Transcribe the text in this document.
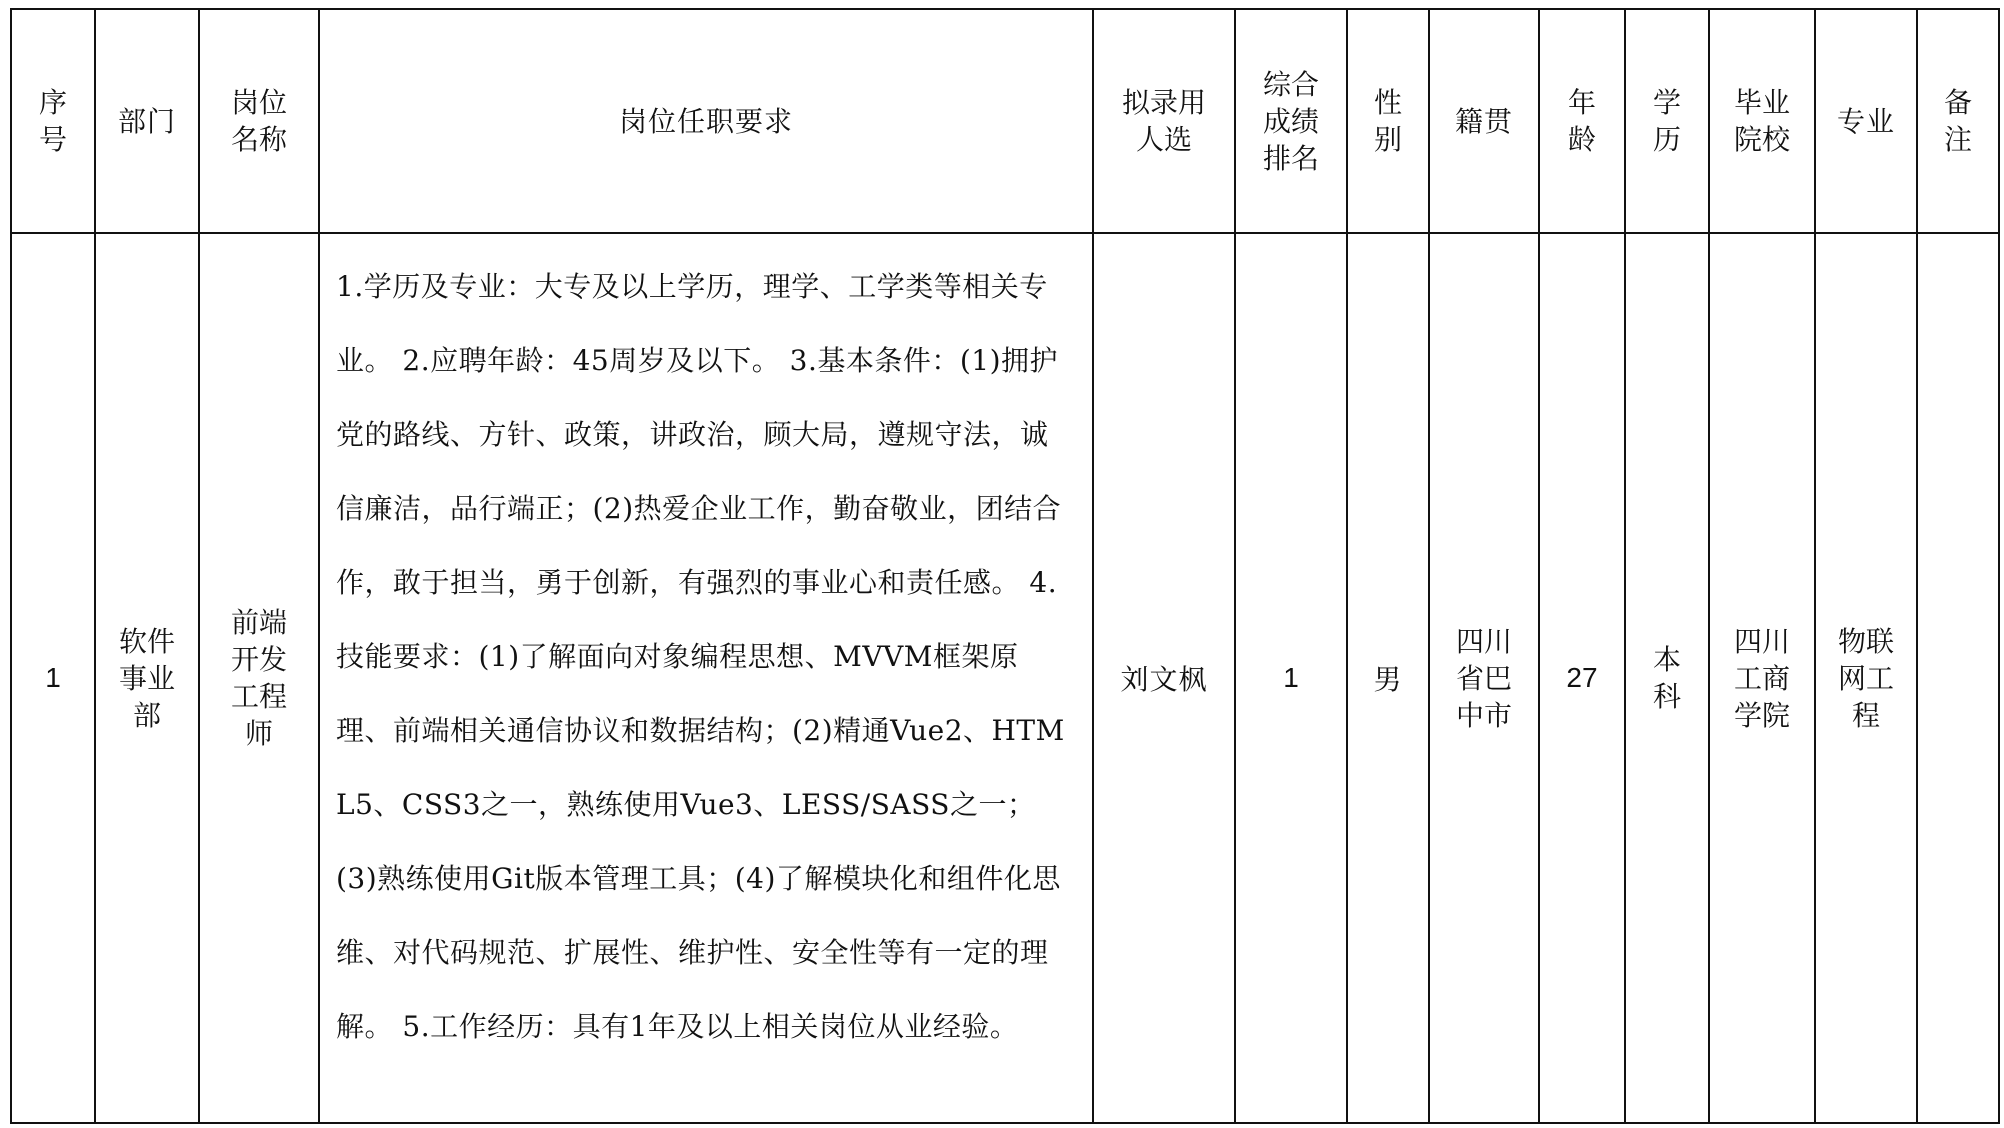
序号	部门	岗位名称	岗位任职要求	拟录用人选	综合成绩排名	性别	籍贯	年龄	学历	毕业院校	专业	备注
1	软件事业部	前端开发工程师	1.学历及专业：大专及以上学历，理学、工学类等相关专业。 2.应聘年龄：45周岁及以下。 3.基本条件：(1)拥护党的路线、方针、政策，讲政治，顾大局，遵规守法，诚信廉洁，品行端正；(2)热爱企业工作，勤奋敬业，团结合作，敢于担当，勇于创新，有强烈的事业心和责任感。 4.技能要求：(1)了解面向对象编程思想、MVVM框架原理、前端相关通信协议和数据结构；(2)精通Vue2、HTML5、CSS3之一，熟练使用Vue3、LESS/SASS之一；(3)熟练使用Git版本管理工具；(4)了解模块化和组件化思维、对代码规范、扩展性、维护性、安全性等有一定的理解。 5.工作经历：具有1年及以上相关岗位从业经验。	刘文枫	1	男	四川省巴中市	27	本科	四川工商学院	物联网工程	
